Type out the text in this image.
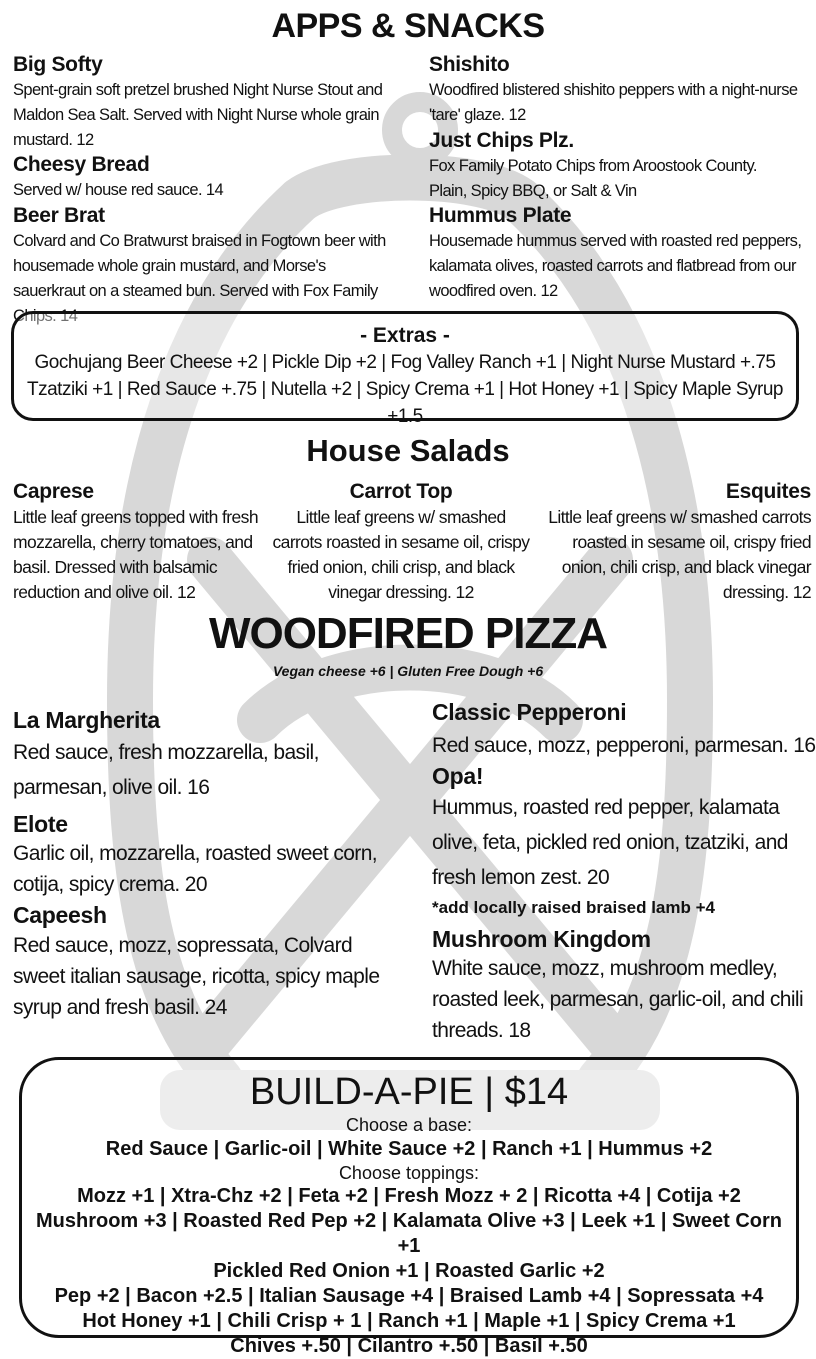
APPS & SNACKS
Big Softy
Spent-grain soft pretzel brushed Night Nurse Stout and Maldon Sea Salt. Served with Night Nurse whole grain mustard. 12
Cheesy Bread
Served w/ house red sauce. 14
Beer Brat
Colvard and Co Bratwurst braised in Fogtown beer with housemade whole grain mustard, and Morse's sauerkraut on a steamed bun. Served with Fox Family Chips. 14
Shishito
Woodfired blistered shishito peppers with a night-nurse 'tare' glaze. 12
Just Chips Plz.
Fox Family Potato Chips from Aroostook County. Plain, Spicy BBQ, or Salt & Vin
Hummus Plate
Housemade hummus served with roasted red peppers, kalamata olives, roasted carrots and flatbread from our woodfired oven. 12
- Extras -
Gochujang Beer Cheese +2 | Pickle Dip +2 | Fog Valley Ranch +1 | Night Nurse Mustard +.75
Tzatziki +1 | Red Sauce +.75 | Nutella +2 | Spicy Crema +1 | Hot Honey +1 | Spicy Maple Syrup +1.5
House Salads
Caprese
Little leaf greens topped with fresh mozzarella, cherry tomatoes, and basil. Dressed with balsamic reduction and olive oil. 12
Carrot Top
Little leaf greens w/ smashed carrots roasted in sesame oil, crispy fried onion, chili crisp, and black vinegar dressing. 12
Esquites
Little leaf greens w/ smashed carrots roasted in sesame oil, crispy fried onion, chili crisp, and black vinegar dressing. 12
WOODFIRED PIZZA
Vegan cheese +6 | Gluten Free Dough +6
La Margherita
Red sauce, fresh mozzarella, basil, parmesan, olive oil. 16
Elote
Garlic oil, mozzarella, roasted sweet corn, cotija, spicy crema. 20
Capeesh
Red sauce, mozz, sopressata, Colvard sweet italian sausage, ricotta, spicy maple syrup and fresh basil. 24
Classic Pepperoni
Red sauce, mozz, pepperoni, parmesan. 16
Opa!
Hummus, roasted red pepper, kalamata olive, feta, pickled red onion, tzatziki, and fresh lemon zest. 20
*add locally raised braised lamb +4
Mushroom Kingdom
White sauce, mozz, mushroom medley, roasted leek, parmesan, garlic-oil, and chili threads. 18
BUILD-A-PIE | $14
Choose a base:
Red Sauce | Garlic-oil | White Sauce +2 | Ranch +1 | Hummus +2
Choose toppings:
Mozz +1 | Xtra-Chz +2 | Feta +2 | Fresh Mozz + 2 | Ricotta +4 | Cotija +2
Mushroom +3 | Roasted Red Pep +2 | Kalamata Olive +3 | Leek +1 | Sweet Corn +1
Pickled Red Onion +1 | Roasted Garlic +2
Pep +2 | Bacon +2.5 | Italian Sausage +4 | Braised Lamb +4 | Sopressata +4
Hot Honey +1 | Chili Crisp + 1 | Ranch +1 | Maple +1 | Spicy Crema +1
Chives +.50 | Cilantro +.50 | Basil +.50
